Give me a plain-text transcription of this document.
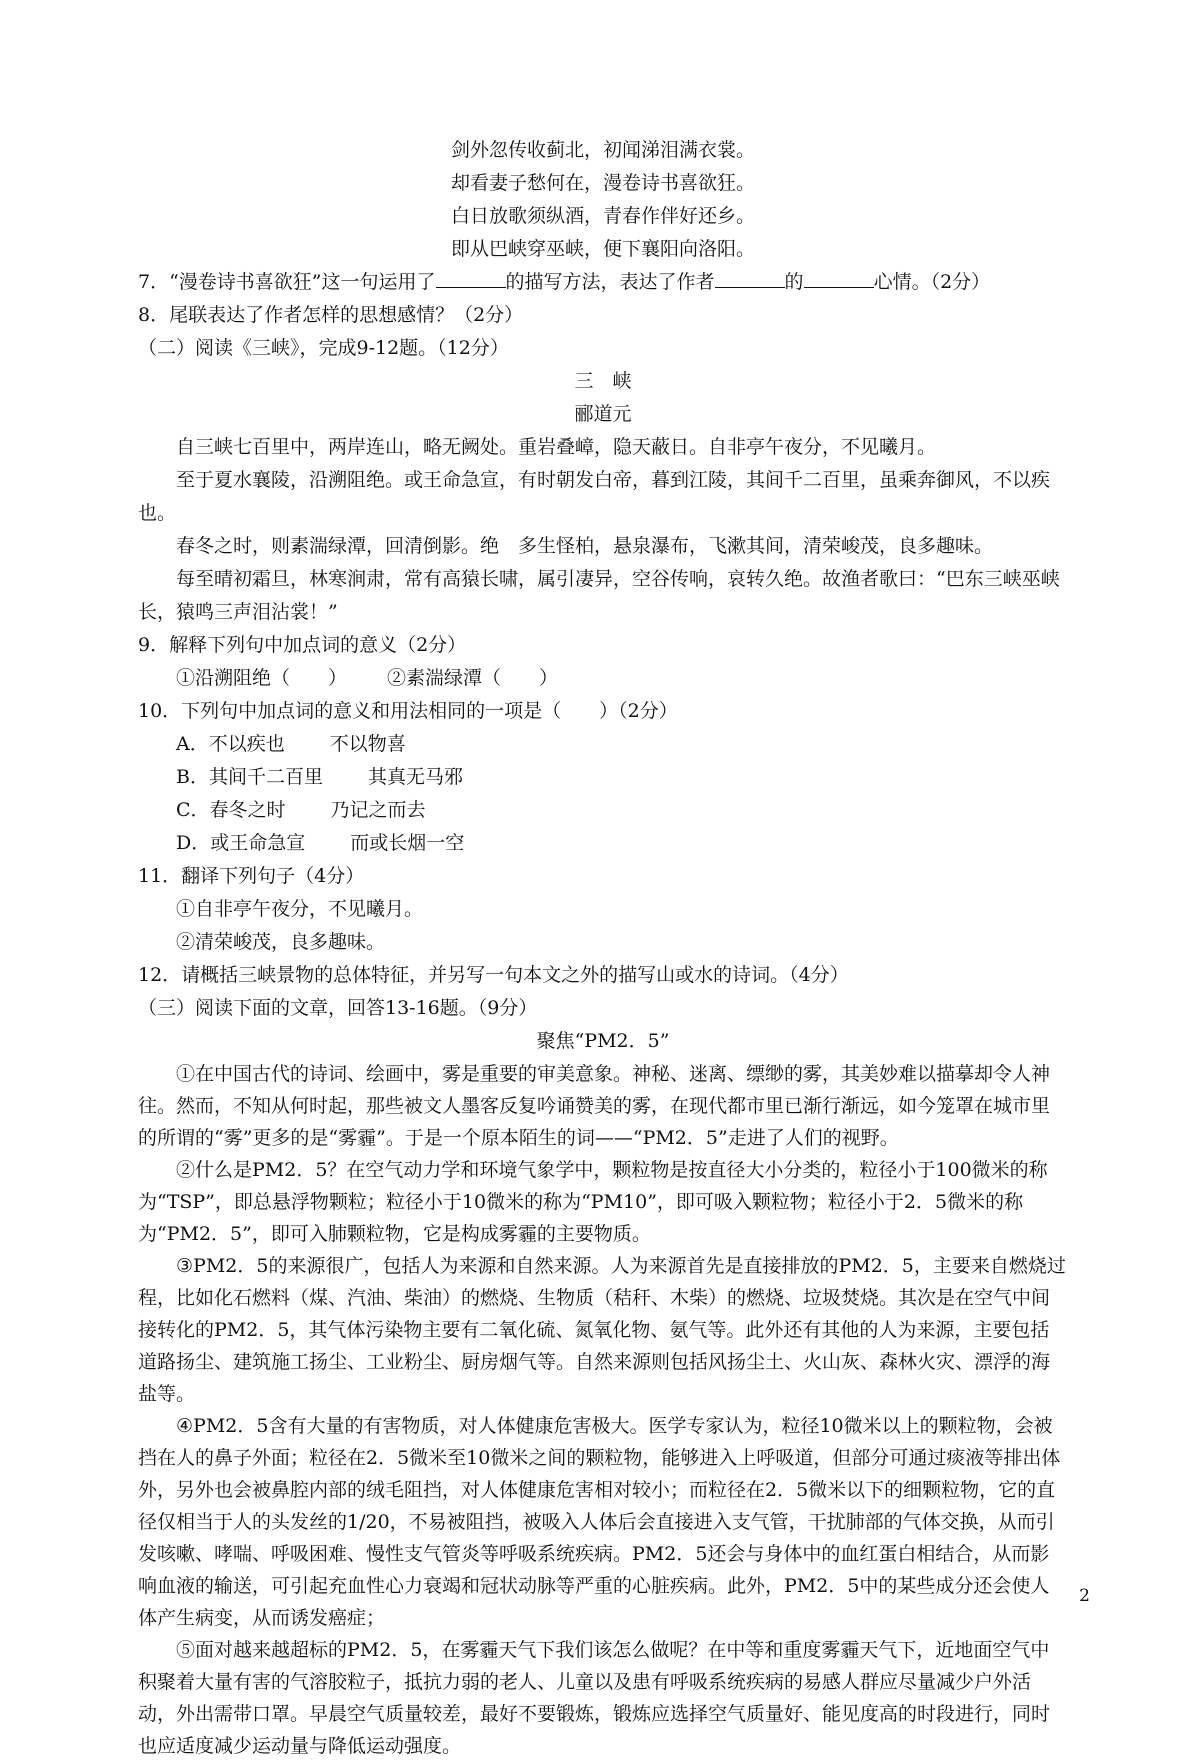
剑外忽传收蓟北，初闻涕泪满衣裳。
却看妻子愁何在，漫卷诗书喜欲狂。
白日放歌须纵酒，青春作伴好还乡。
即从巴峡穿巫峡，便下襄阳向洛阳。
7．“漫卷诗书喜欲狂”这一句运用了	的描写方法，表达了作者	的	心情。（2分）
8．尾联表达了作者怎样的思想感情？（2分）
（二）阅读《三峡》，完成9-12题。（12分）
三　峡
郦道元
自三峡七百里中，两岸连山，略无阙处。重岩叠嶂，隐天蔽日。自非亭午夜分，不见曦月。
至于夏水襄陵，沿溯阻绝。或王命急宣，有时朝发白帝，暮到江陵，其间千二百里，虽乘奔御风，不以疾也。
春冬之时，则素湍绿潭，回清倒影。绝　多生怪柏，悬泉瀑布，飞漱其间，清荣峻茂，良多趣味。
每至晴初霜旦，林寒涧肃，常有高猿长啸，属引凄异，空谷传响，哀转久绝。故渔者歌曰：“巴东三峡巫峡长，猿鸣三声泪沾裳！”
9．解释下列句中加点词的意义（2分）
①沿溯阻绝（　　） ②素湍绿潭（　　）
10．下列句中加点词的意义和用法相同的一项是（　　）（2分）
A．不以疾也 不以物喜
B．其间千二百里 其真无马邪
C．春冬之时 乃记之而去
D．或王命急宣 而或长烟一空
11．翻译下列句子（4分）
①自非亭午夜分，不见曦月。
②清荣峻茂，良多趣味。
12．请概括三峡景物的总体特征，并另写一句本文之外的描写山或水的诗词。（4分）
（三）阅读下面的文章，回答13-16题。（9分）
聚焦“PM2．5”
①在中国古代的诗词、绘画中，雾是重要的审美意象。神秘、迷离、缥缈的雾，其美妙难以描摹却令人神往。然而，不知从何时起，那些被文人墨客反复吟诵赞美的雾，在现代都市里已渐行渐远，如今笼罩在城市里的所谓的“雾”更多的是“雾霾”。于是一个原本陌生的词——“PM2．5”走进了人们的视野。
②什么是PM2．5？在空气动力学和环境气象学中，颗粒物是按直径大小分类的，粒径小于100微米的称为“TSP”，即总悬浮物颗粒；粒径小于10微米的称为“PM10”，即可吸入颗粒物；粒径小于2．5微米的称为“PM2．5”，即可入肺颗粒物，它是构成雾霾的主要物质。
③PM2．5的来源很广，包括人为来源和自然来源。人为来源首先是直接排放的PM2．5，主要来自燃烧过程，比如化石燃料（煤、汽油、柴油）的燃烧、生物质（秸秆、木柴）的燃烧、垃圾焚烧。其次是在空气中间接转化的PM2．5，其气体污染物主要有二氧化硫、氮氧化物、氨气等。此外还有其他的人为来源，主要包括道路扬尘、建筑施工扬尘、工业粉尘、厨房烟气等。自然来源则包括风扬尘土、火山灰、森林火灾、漂浮的海盐等。
④PM2．5含有大量的有害物质，对人体健康危害极大。医学专家认为，粒径10微米以上的颗粒物，会被挡在人的鼻子外面；粒径在2．5微米至10微米之间的颗粒物，能够进入上呼吸道，但部分可通过痰液等排出体外，另外也会被鼻腔内部的绒毛阻挡，对人体健康危害相对较小；而粒径在2．5微米以下的细颗粒物，它的直径仅相当于人的头发丝的1/20，不易被阻挡，被吸入人体后会直接进入支气管，干扰肺部的气体交换，从而引发咳嗽、哮喘、呼吸困难、慢性支气管炎等呼吸系统疾病。PM2．5还会与身体中的血红蛋白相结合，从而影响血液的输送，可引起充血性心力衰竭和冠状动脉等严重的心脏疾病。此外，PM2．5中的某些成分还会使人体产生病变，从而诱发癌症；
⑤面对越来越超标的PM2．5，在雾霾天气下我们该怎么做呢？在中等和重度雾霾天气下，近地面空气中积聚着大量有害的气溶胶粒子，抵抗力弱的老人、儿童以及患有呼吸系统疾病的易感人群应尽量减少户外活动，外出需带口罩。早晨空气质量较差，最好不要锻炼，锻炼应选择空气质量好、能见度高的时段进行，同时也应适度减少运动量与降低运动强度。
2
